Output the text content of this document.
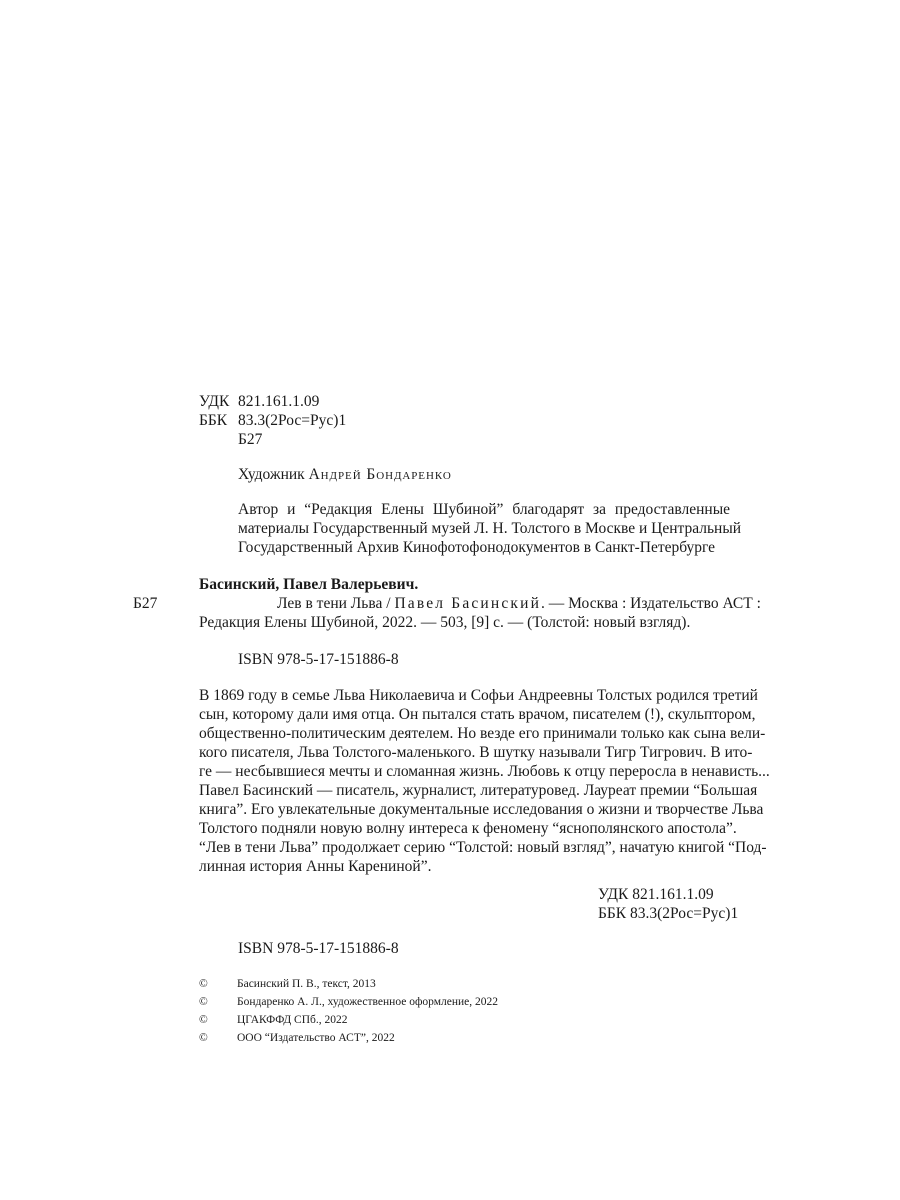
УДК 821.161.1.09
ББК 83.3(2Рос=Рус)1
Б27
Художник Андрей Бондаренко
Автор и “Редакция Елены Шубиной” благодарят за предоставленные
материалы Государственный музей Л. Н. Толстого в Москве и Центральный
Государственный Архив Кинофотофонодокументов в Санкт-Петербурге
Басинский, Павел Валерьевич.
Б27	Лев в тени Льва / Павел Басинский. — Москва : Издательство АСТ :
Редакция Елены Шубиной, 2022. — 503, [9] с. — (Толстой: новый взгляд).
ISBN 978-5-17-151886-8
В 1869 году в семье Льва Николаевича и Софьи Андреевны Толстых родился третий
сын, которому дали имя отца. Он пытался стать врачом, писателем (!), скульптором,
общественно-политическим деятелем. Но везде его принимали только как сына вели-
кого писателя, Льва Толстого-маленького. В шутку называли Тигр Тигрович. В ито-
ге — несбывшиеся мечты и сломанная жизнь. Любовь к отцу переросла в ненависть...
Павел Басинский — писатель, журналист, литературовед. Лауреат премии “Большая
книга”. Его увлекательные документальные исследования о жизни и творчестве Льва
Толстого подняли новую волну интереса к феномену “яснополянского апостола”.
“Лев в тени Льва” продолжает серию “Толстой: новый взгляд”, начатую книгой “Под-
линная история Анны Карениной”.
УДК 821.161.1.09
ББК 83.3(2Рос=Рус)1
ISBN 978-5-17-151886-8
©	Басинский П. В., текст, 2013
©	Бондаренко А. Л., художественное оформление, 2022
©	ЦГАКФФД СПб., 2022
©	ООО “Издательство АСТ”, 2022
